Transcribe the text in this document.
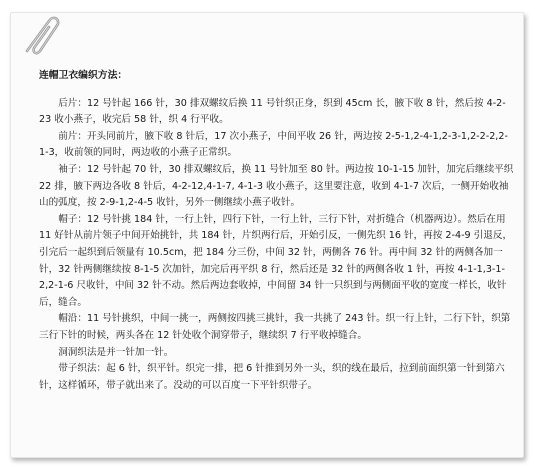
连帽卫衣编织方法：
后片：12 号针起 166 针，30 排双螺纹后换 11 号针织正身，织到 45cm 长，腋下收 8 针，然后按 4-2-23 收小燕子，收完后 58 针，织 4 行平收。
前片：开头同前片，腋下收 8 针后，17 次小燕子，中间平收 26 针，两边按 2-5-1,2-4-1,2-3-1,2-2-2,2-1-3，收前领的同时，两边收的小燕子正常织。
袖子：12 号针起 70 针，30 排双螺纹后，换 11 号针加至 80 针。两边按 10-1-15 加针，加完后继续平织 22 排，腋下两边各收 8 针后，4-2-12,4-1-7, 4-1-3 收小燕子，这里要注意，收到 4-1-7 次后，一侧开始收袖山的弧度，按 2-9-1,2-4-5 收针，另外一侧继续小燕子收针。
帽子：12 号针挑 184 针，一行上针，四行下针，一行上针，三行下针，对折缝合（机器两边）。然后在用 11 好针从前片领子中间开始挑针，共 184 针，片织两行后，开始引反，一侧先织 16 针，再按 2-4-9 引退反，引完后一起织到后领量有 10.5cm，把 184 分三份，中间 32 针，两侧各 76 针。再中间 32 针的两侧各加一针，32 针两侧继续按 8-1-5 次加针，加完后再平织 8 行，然后还是 32 针的两侧各收 1 针，再按 4-1-1,3-1-2,2-1-6 尺收针，中间 32 针不动。然后两边套收掉，中间留 34 针一只织到与两侧面平收的宽度一样长，收针后，缝合。
帽沿：11 号针挑织，中间一挑一，两侧按四挑三挑针，我一共挑了 243 针。织一行上针，二行下针，织第三行下针的时候，两头各在 12 针处收个洞穿带子，继续织 7 行平收掉缝合。
洞洞织法是并一针加一针。
带子织法：起 6 针，织平针。织完一排，把 6 针推到另外一头，织的线在最后，拉到前面织第一针到第六针，这样循环，带子就出来了。没动的可以百度一下平针织带子。
